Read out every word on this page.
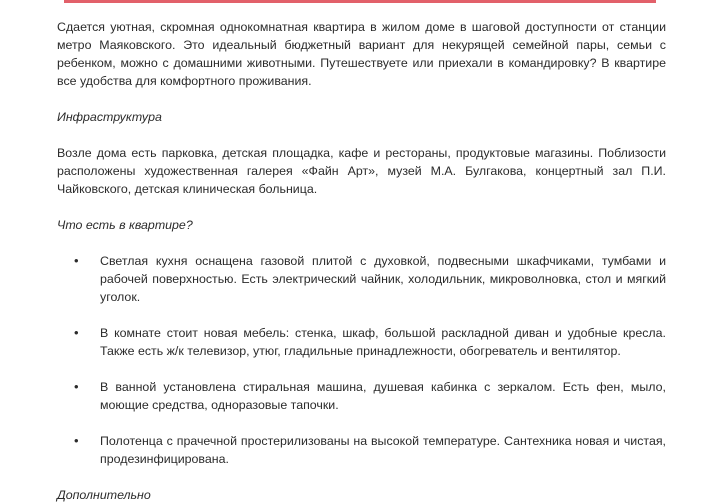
Сдается уютная, скромная однокомнатная квартира в жилом доме в шаговой доступности от станции метро Маяковского. Это идеальный бюджетный вариант для некурящей семейной пары, семьи с ребенком, можно с домашними животными. Путешествуете или приехали в командировку? В квартире все удобства для комфортного проживания.

Инфраструктура

Возле дома есть парковка, детская площадка, кафе и рестораны, продуктовые магазины. Поблизости расположены художественная галерея «Файн Арт», музей М.А. Булгакова, концертный зал П.И. Чайковского, детская клиническая больница.

Что есть в квартире?

• Светлая кухня оснащена газовой плитой с духовкой, подвесными шкафчиками, тумбами и рабочей поверхностью. Есть электрический чайник, холодильник, микроволновка, стол и мягкий уголок.
• В комнате стоит новая мебель: стенка, шкаф, большой раскладной диван и удобные кресла. Также есть ж/к телевизор, утюг, гладильные принадлежности, обогреватель и вентилятор.
• В ванной установлена стиральная машина, душевая кабинка с зеркалом. Есть фен, мыло, моющие средства, одноразовые тапочки.
• Полотенца с прачечной простерилизованы на высокой температуре. Сантехника новая и чистая, продезинфицирована.

Дополнительно
